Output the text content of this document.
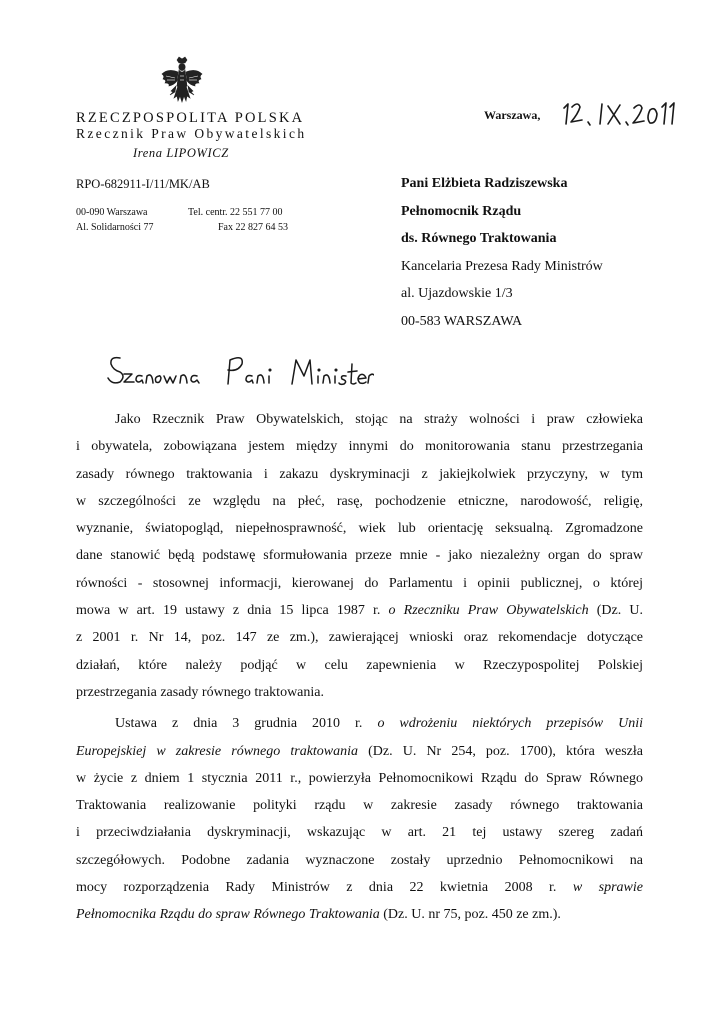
RZECZPOSPOLITA POLSKA
Rzecznik Praw Obywatelskich
Irena LIPOWICZ
RPO-682911-I/11/MK/AB
00-090 Warszawa
Al. Solidarności 77
Tel. centr. 22 551 77 00
Fax 22 827 64 53
Warszawa,
Pani Elżbieta Radziszewska
Pełnomocnik Rządu
ds. Równego Traktowania
Kancelaria Prezesa Rady Ministrów
al. Ujazdowskie 1/3
00-583 WARSZAWA
Jako Rzecznik Praw Obywatelskich, stojąc na straży wolności i praw człowieka
i obywatela, zobowiązana jestem między innymi do monitorowania stanu przestrzegania
zasady równego traktowania i zakazu dyskryminacji z jakiejkolwiek przyczyny, w tym
w szczególności ze względu na płeć, rasę, pochodzenie etniczne, narodowość, religię,
wyznanie, światopogląd, niepełnosprawność, wiek lub orientację seksualną. Zgromadzone
dane stanowić będą podstawę sformułowania przeze mnie - jako niezależny organ do spraw
równości - stosownej informacji, kierowanej do Parlamentu i opinii publicznej, o której
mowa w art. 19 ustawy z dnia 15 lipca 1987 r. o Rzeczniku Praw Obywatelskich (Dz. U.
z 2001 r. Nr 14, poz. 147 ze zm.), zawierającej wnioski oraz rekomendacje dotyczące
działań, które należy podjąć w celu zapewnienia w Rzeczypospolitej Polskiej
przestrzegania zasady równego traktowania.
Ustawa z dnia 3 grudnia 2010 r. o wdrożeniu niektórych przepisów Unii
Europejskiej w zakresie równego traktowania (Dz. U. Nr 254, poz. 1700), która weszła
w życie z dniem 1 stycznia 2011 r., powierzyła Pełnomocnikowi Rządu do Spraw Równego
Traktowania realizowanie polityki rządu w zakresie zasady równego traktowania
i przeciwdziałania dyskryminacji, wskazując w art. 21 tej ustawy szereg zadań
szczegółowych. Podobne zadania wyznaczone zostały uprzednio Pełnomocnikowi na
mocy rozporządzenia Rady Ministrów z dnia 22 kwietnia 2008 r. w sprawie
Pełnomocnika Rządu do spraw Równego Traktowania (Dz. U. nr 75, poz. 450 ze zm.).
